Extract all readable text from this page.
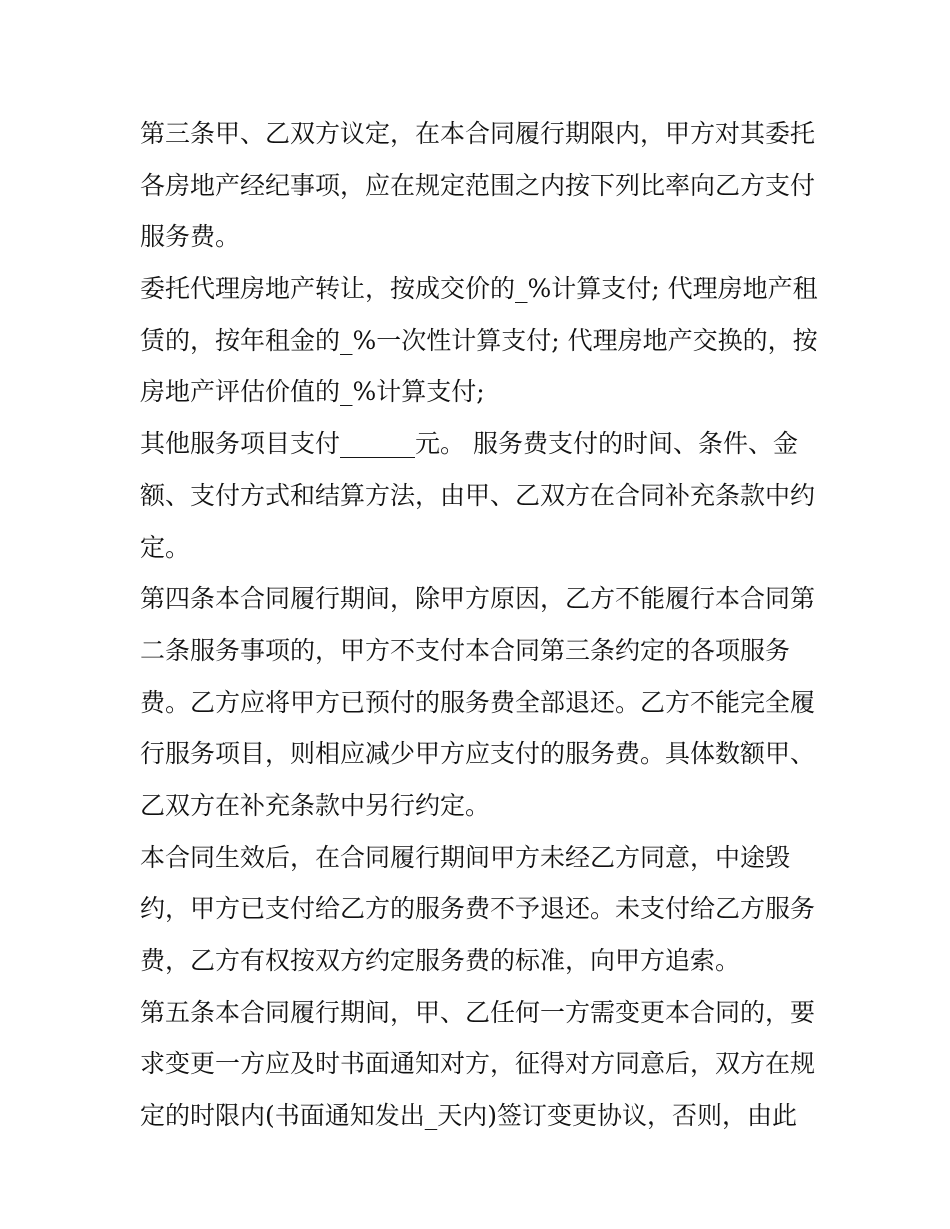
第三条甲、乙双方议定，在本合同履行期限内，甲方对其委托
各房地产经纪事项，应在规定范围之内按下列比率向乙方支付
服务费。
委托代理房地产转让，按成交价的_%计算支付; 代理房地产租
赁的，按年租金的_%一次性计算支付; 代理房地产交换的，按
房地产评估价值的_%计算支付;
其他服务项目支付______元。 服务费支付的时间、条件、金
额、支付方式和结算方法，由甲、乙双方在合同补充条款中约
定。
第四条本合同履行期间，除甲方原因，乙方不能履行本合同第
二条服务事项的，甲方不支付本合同第三条约定的各项服务
费。乙方应将甲方已预付的服务费全部退还。乙方不能完全履
行服务项目，则相应减少甲方应支付的服务费。具体数额甲、
乙双方在补充条款中另行约定。
本合同生效后，在合同履行期间甲方未经乙方同意，中途毁
约，甲方已支付给乙方的服务费不予退还。未支付给乙方服务
费，乙方有权按双方约定服务费的标准，向甲方追索。
第五条本合同履行期间，甲、乙任何一方需变更本合同的，要
求变更一方应及时书面通知对方，征得对方同意后，双方在规
定的时限内(书面通知发出_天内)签订变更协议，否则，由此
